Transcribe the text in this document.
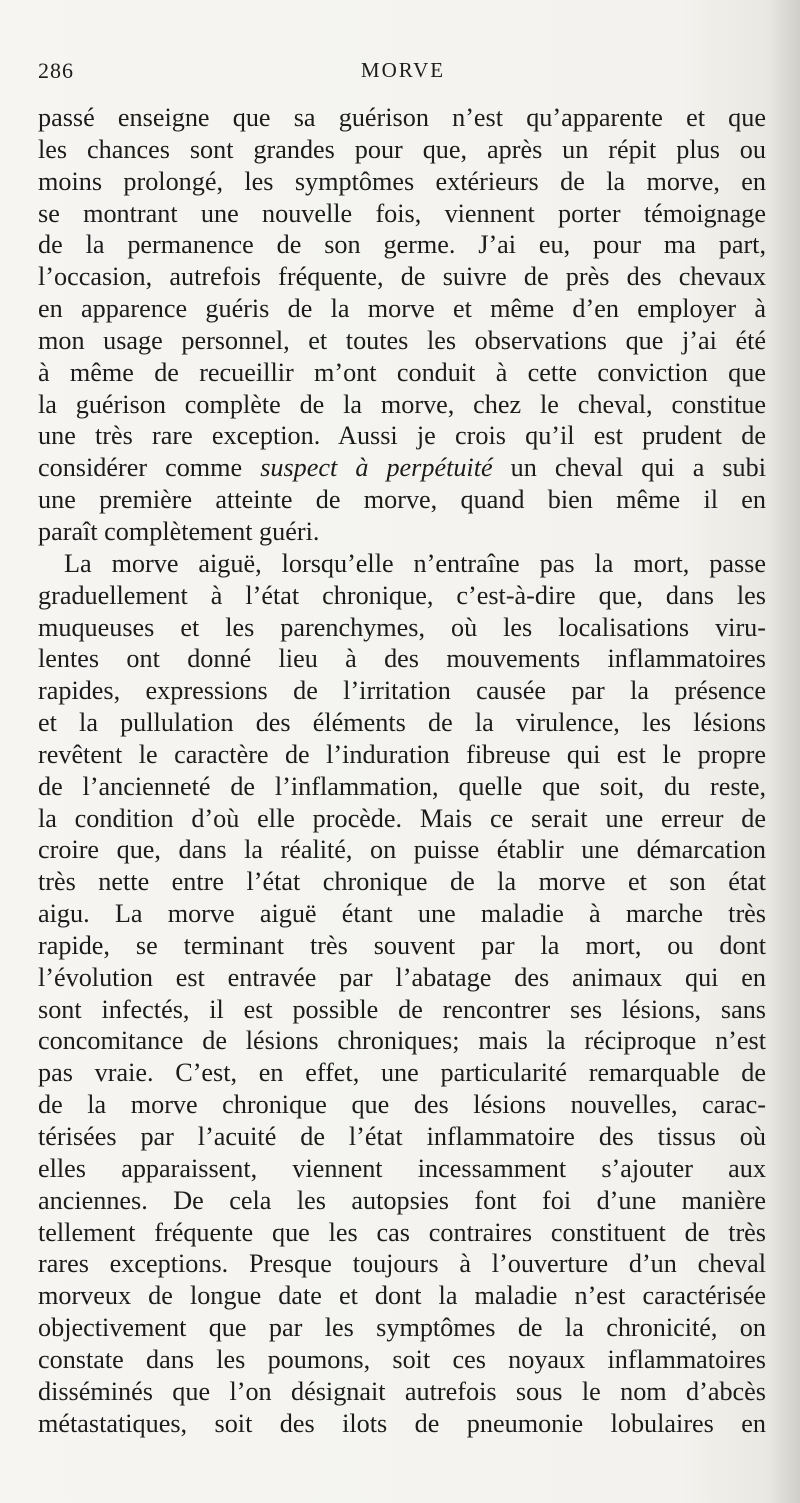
286	MORVE
passé enseigne que sa guérison n’est qu’apparente et que
les chances sont grandes pour que, après un répit plus ou
moins prolongé, les symptômes extérieurs de la morve, en
se montrant une nouvelle fois, viennent porter témoignage
de la permanence de son germe. J’ai eu, pour ma part,
l’occasion, autrefois fréquente, de suivre de près des chevaux
en apparence guéris de la morve et même d’en employer à
mon usage personnel, et toutes les observations que j’ai été
à même de recueillir m’ont conduit à cette conviction que
la guérison complète de la morve, chez le cheval, constitue
une très rare exception. Aussi je crois qu’il est prudent de
considérer comme suspect à perpétuité un cheval qui a subi
une première atteinte de morve, quand bien même il en
paraît complètement guéri.
La morve aiguë, lorsqu’elle n’entraîne pas la mort, passe
graduellement à l’état chronique, c’est-à-dire que, dans les
muqueuses et les parenchymes, où les localisations viru-
lentes ont donné lieu à des mouvements inflammatoires
rapides, expressions de l’irritation causée par la présence
et la pullulation des éléments de la virulence, les lésions
revêtent le caractère de l’induration fibreuse qui est le propre
de l’ancienneté de l’inflammation, quelle que soit, du reste,
la condition d’où elle procède. Mais ce serait une erreur de
croire que, dans la réalité, on puisse établir une démarcation
très nette entre l’état chronique de la morve et son état
aigu. La morve aiguë étant une maladie à marche très
rapide, se terminant très souvent par la mort, ou dont
l’évolution est entravée par l’abatage des animaux qui en
sont infectés, il est possible de rencontrer ses lésions, sans
concomitance de lésions chroniques; mais la réciproque n’est
pas vraie. C’est, en effet, une particularité remarquable de
de la morve chronique que des lésions nouvelles, carac-
térisées par l’acuité de l’état inflammatoire des tissus où
elles apparaissent, viennent incessamment s’ajouter aux
anciennes. De cela les autopsies font foi d’une manière
tellement fréquente que les cas contraires constituent de très
rares exceptions. Presque toujours à l’ouverture d’un cheval
morveux de longue date et dont la maladie n’est caractérisée
objectivement que par les symptômes de la chronicité, on
constate dans les poumons, soit ces noyaux inflammatoires
disséminés que l’on désignait autrefois sous le nom d’abcès
métastatiques, soit des ilots de pneumonie lobulaires en
